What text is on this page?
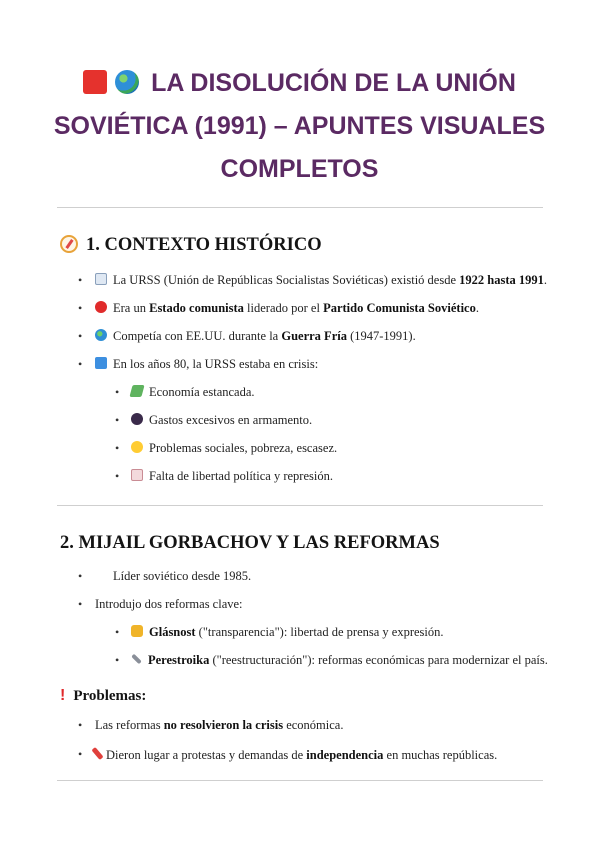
LA DISOLUCIÓN DE LA UNIÓN
SOVIÉTICA (1991) – APUNTES VISUALES
COMPLETOS
1. CONTEXTO HISTÓRICO
•	La URSS (Unión de Repúblicas Socialistas Soviéticas) existió desde 1922 hasta 1991.
•	Era un Estado comunista liderado por el Partido Comunista Soviético.
•	Competía con EE.UU. durante la Guerra Fría (1947-1991).
•	En los años 80, la URSS estaba en crisis:
•	Economía estancada.
•	Gastos excesivos en armamento.
•	Problemas sociales, pobreza, escasez.
•	Falta de libertad política y represión.
2. MIJAIL GORBACHOV Y LAS REFORMAS
• Líder soviético desde 1985.
• Introdujo dos reformas clave:
•	Glásnost ("transparencia"): libertad de prensa y expresión.
•	Perestroika ("reestructuración"): reformas económicas para modernizar el país.
! Problemas:
• Las reformas no resolvieron la crisis económica.
•	Dieron lugar a protestas y demandas de independencia en muchas repúblicas.
